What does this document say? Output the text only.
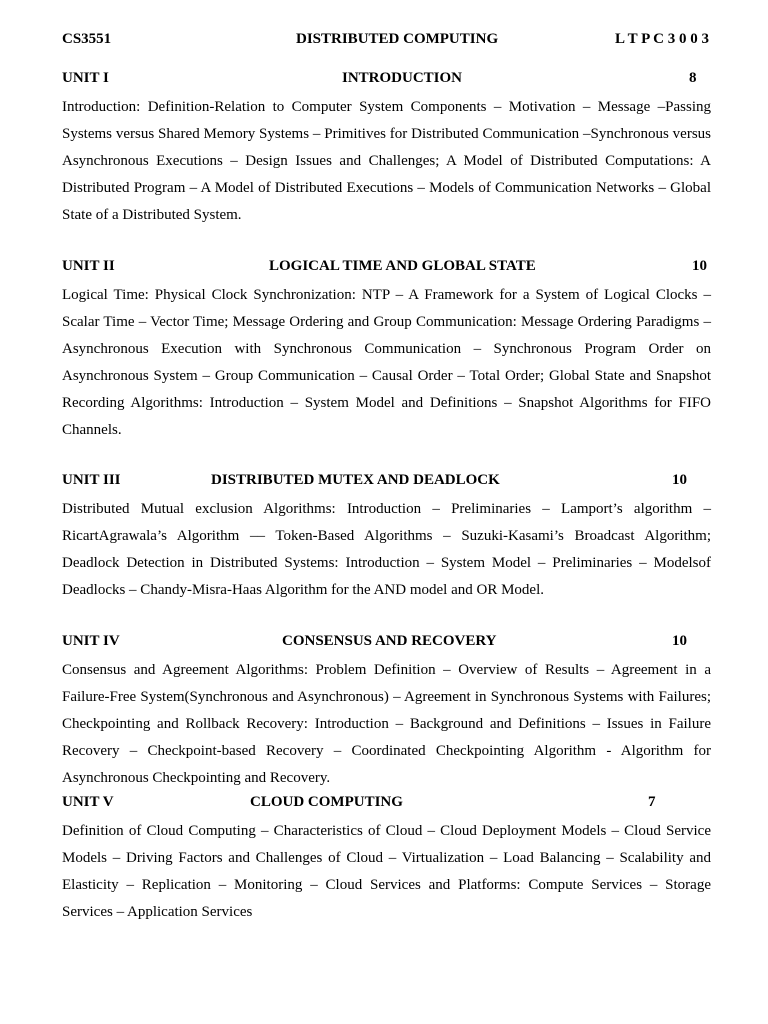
CS3551	DISTRIBUTED COMPUTING	L T P C 3 0 0 3
UNIT I	INTRODUCTION	8

Introduction: Definition-Relation to Computer System Components – Motivation – Message –Passing Systems versus Shared Memory Systems – Primitives for Distributed Communication –Synchronous versus Asynchronous Executions – Design Issues and Challenges; A Model of Distributed Computations: A Distributed Program – A Model of Distributed Executions – Models of Communication Networks – Global State of a Distributed System.

UNIT II	LOGICAL TIME AND GLOBAL STATE	10

Logical Time: Physical Clock Synchronization: NTP – A Framework for a System of Logical Clocks – Scalar Time – Vector Time; Message Ordering and Group Communication: Message Ordering Paradigms – Asynchronous Execution with Synchronous Communication – Synchronous Program Order on Asynchronous System – Group Communication – Causal Order – Total Order; Global State and Snapshot Recording Algorithms: Introduction – System Model and Definitions – Snapshot Algorithms for FIFO Channels.

UNIT III	DISTRIBUTED MUTEX AND DEADLOCK	10

Distributed Mutual exclusion Algorithms: Introduction – Preliminaries – Lamport’s algorithm – RicartAgrawala’s Algorithm –– Token-Based Algorithms – Suzuki-Kasami’s Broadcast Algorithm; Deadlock Detection in Distributed Systems: Introduction – System Model – Preliminaries – Modelsof Deadlocks – Chandy-Misra-Haas Algorithm for the AND model and OR Model.

UNIT IV	CONSENSUS AND RECOVERY	10

Consensus and Agreement Algorithms: Problem Definition – Overview of Results – Agreement in a Failure-Free System(Synchronous and Asynchronous) – Agreement in Synchronous Systems with Failures; Checkpointing and Rollback Recovery: Introduction – Background and Definitions – Issues in Failure Recovery – Checkpoint-based Recovery – Coordinated Checkpointing Algorithm - Algorithm for Asynchronous Checkpointing and Recovery.

UNIT V	CLOUD COMPUTING	7

Definition of Cloud Computing – Characteristics of Cloud – Cloud Deployment Models – Cloud Service Models – Driving Factors and Challenges of Cloud – Virtualization – Load Balancing – Scalability and Elasticity – Replication – Monitoring – Cloud Services and Platforms: Compute Services – Storage Services – Application Services
